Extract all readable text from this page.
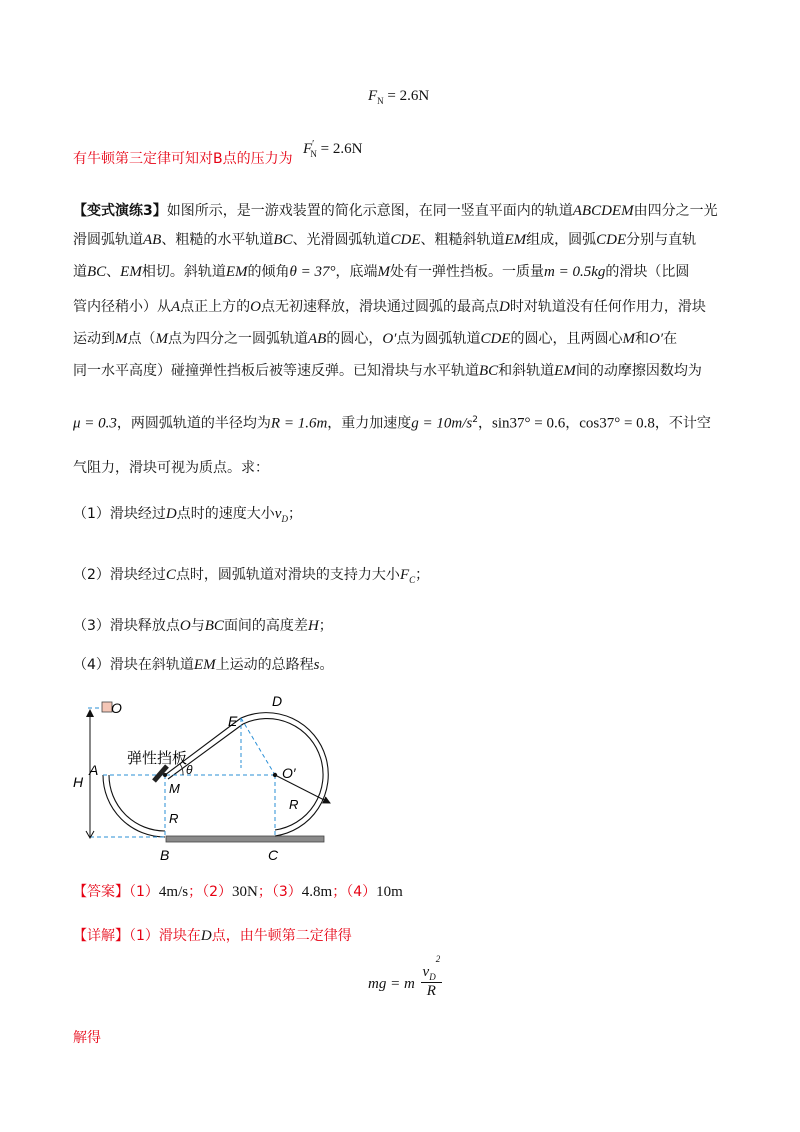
$F_N = 2.6N$
有牛顿第三定律可知对B点的压力为
$F'_N = 2.6N$
【变式演练3】如图所示，是一游戏装置的简化示意图，在同一竖直平面内的轨道ABCDEM由四分之一光
滑圆弧轨道AB、粗糙的水平轨道BC、光滑圆弧轨道CDE、粗糙斜轨道EM组成，圆弧CDE分别与直轨
道BC、EM相切。斜轨道EM的倾角θ = 37°，底端M处有一弹性挡板。一质量m = 0.5kg的滑块（比圆
管内径稍小）从A点正上方的O点无初速释放，滑块通过圆弧的最高点D时对轨道没有任何作用力，滑块
运动到M点（M点为四分之一圆弧轨道AB的圆心，O′点为圆弧轨道CDE的圆心，且两圆心M和O′在
同一水平高度）碰撞弹性挡板后被等速反弹。已知滑块与水平轨道BC和斜轨道EM间的动摩擦因数均为
μ = 0.3，两圆弧轨道的半径均为R = 1.6m，重力加速度$g = 10m/s^2$，sin37° = 0.6，cos37° = 0.8，不计空
气阻力，滑块可视为质点。求：
（1）滑块经过D点时的速度大小$v_D$；
（2）滑块经过C点时，圆弧轨道对滑块的支持力大小$F_C$；
（3）滑块释放点O与BC面间的高度差H；
（4）滑块在斜轨道EM上运动的总路程s。
O	D
E
H
A
M
R
R
O′
B	C
θ
弹性挡板
【答案】（1）4m/s；（2）30N；（3）4.8m；（4）10m
【详解】（1）滑块在D点，由牛顿第二定律得
mg = m $\frac{v_D^2}{R}$
解得
